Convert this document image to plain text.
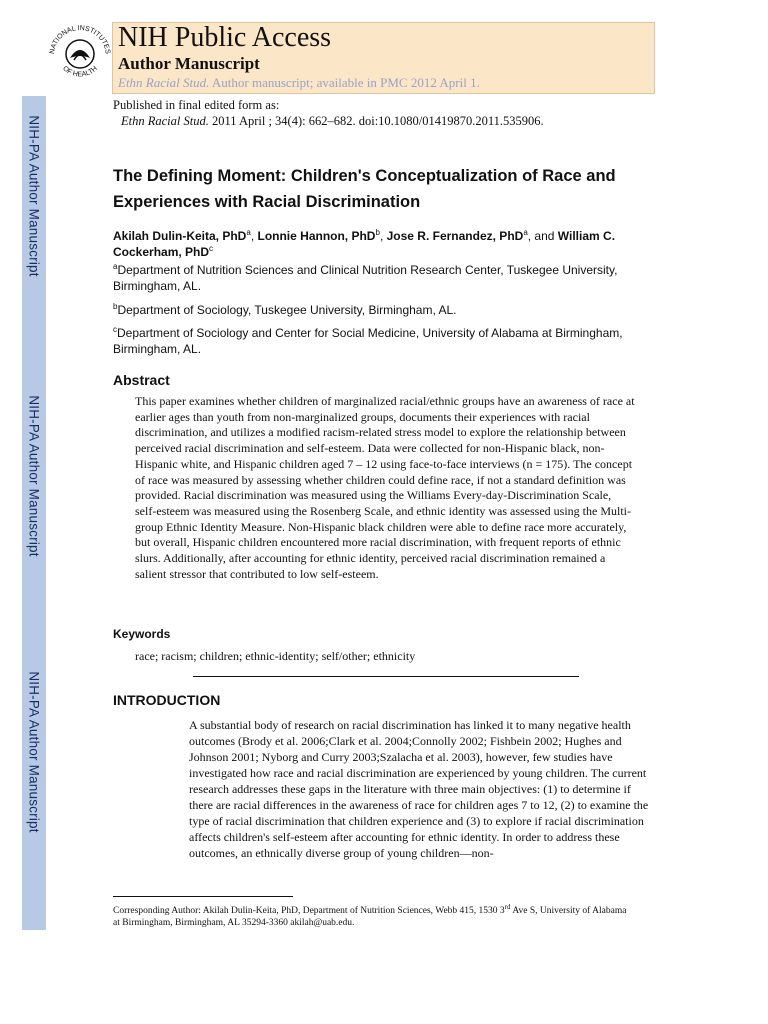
NIH-PA Author Manuscript
NIH-PA Author Manuscript
NIH-PA Author Manuscript
NATIONAL INSTITUTES
OF HEALTH
NIH Public Access
Author Manuscript
Ethn Racial Stud. Author manuscript; available in PMC 2012 April 1.
Published in final edited form as:
Ethn Racial Stud. 2011 April ; 34(4): 662–682. doi:10.1080/01419870.2011.535906.
The Defining Moment: Children's Conceptualization of Race and Experiences with Racial Discrimination
Akilah Dulin-Keita, PhD$^a$, Lonnie Hannon, PhD$^b$, Jose R. Fernandez, PhD$^a$, and William C. Cockerham, PhD$^c$
$^a$Department of Nutrition Sciences and Clinical Nutrition Research Center, Tuskegee University, Birmingham, AL.
$^b$Department of Sociology, Tuskegee University, Birmingham, AL.
$^c$Department of Sociology and Center for Social Medicine, University of Alabama at Birmingham, Birmingham, AL.
Abstract
This paper examines whether children of marginalized racial/ethnic groups have an awareness of race at earlier ages than youth from non-marginalized groups, documents their experiences with racial discrimination, and utilizes a modified racism-related stress model to explore the relationship between perceived racial discrimination and self-esteem. Data were collected for non-Hispanic black, non-Hispanic white, and Hispanic children aged 7 – 12 using face-to-face interviews (n = 175). The concept of race was measured by assessing whether children could define race, if not a standard definition was provided. Racial discrimination was measured using the Williams Every-day-Discrimination Scale, self-esteem was measured using the Rosenberg Scale, and ethnic identity was assessed using the Multi-group Ethnic Identity Measure. Non-Hispanic black children were able to define race more accurately, but overall, Hispanic children encountered more racial discrimination, with frequent reports of ethnic slurs. Additionally, after accounting for ethnic identity, perceived racial discrimination remained a salient stressor that contributed to low self-esteem.
Keywords
race; racism; children; ethnic-identity; self/other; ethnicity
INTRODUCTION
A substantial body of research on racial discrimination has linked it to many negative health outcomes (Brody et al. 2006;Clark et al. 2004;Connolly 2002; Fishbein 2002; Hughes and Johnson 2001; Nyborg and Curry 2003;Szalacha et al. 2003), however, few studies have investigated how race and racial discrimination are experienced by young children. The current research addresses these gaps in the literature with three main objectives: (1) to determine if there are racial differences in the awareness of race for children ages 7 to 12, (2) to examine the type of racial discrimination that children experience and (3) to explore if racial discrimination affects children's self-esteem after accounting for ethnic identity. In order to address these outcomes, an ethnically diverse group of young children—non-
Corresponding Author: Akilah Dulin-Keita, PhD, Department of Nutrition Sciences, Webb 415, 1530 3rd Ave S, University of Alabama at Birmingham, Birmingham, AL 35294-3360 akilah@uab.edu.
